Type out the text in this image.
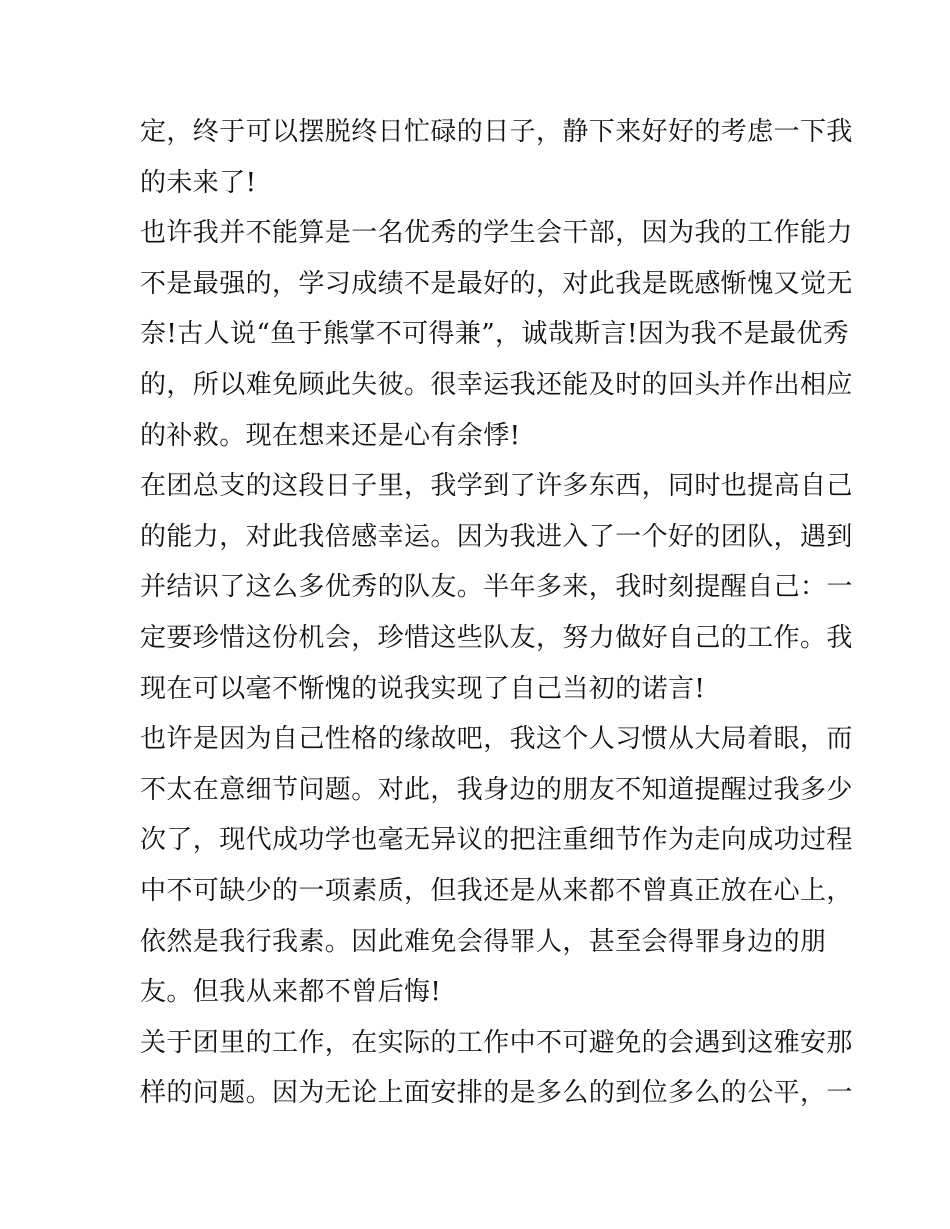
定，终于可以摆脱终日忙碌的日子，静下来好好的考虑一下我
的未来了!
也许我并不能算是一名优秀的学生会干部，因为我的工作能力
不是最强的，学习成绩不是最好的，对此我是既感惭愧又觉无
奈!古人说“鱼于熊掌不可得兼”，诚哉斯言!因为我不是最优秀
的，所以难免顾此失彼。很幸运我还能及时的回头并作出相应
的补救。现在想来还是心有余悸!
在团总支的这段日子里，我学到了许多东西，同时也提高自己
的能力，对此我倍感幸运。因为我进入了一个好的团队，遇到
并结识了这么多优秀的队友。半年多来，我时刻提醒自己：一
定要珍惜这份机会，珍惜这些队友，努力做好自己的工作。我
现在可以毫不惭愧的说我实现了自己当初的诺言!
也许是因为自己性格的缘故吧，我这个人习惯从大局着眼，而
不太在意细节问题。对此，我身边的朋友不知道提醒过我多少
次了，现代成功学也毫无异议的把注重细节作为走向成功过程
中不可缺少的一项素质，但我还是从来都不曾真正放在心上，
依然是我行我素。因此难免会得罪人，甚至会得罪身边的朋
友。但我从来都不曾后悔!
关于团里的工作，在实际的工作中不可避免的会遇到这雅安那
样的问题。因为无论上面安排的是多么的到位多么的公平，一
